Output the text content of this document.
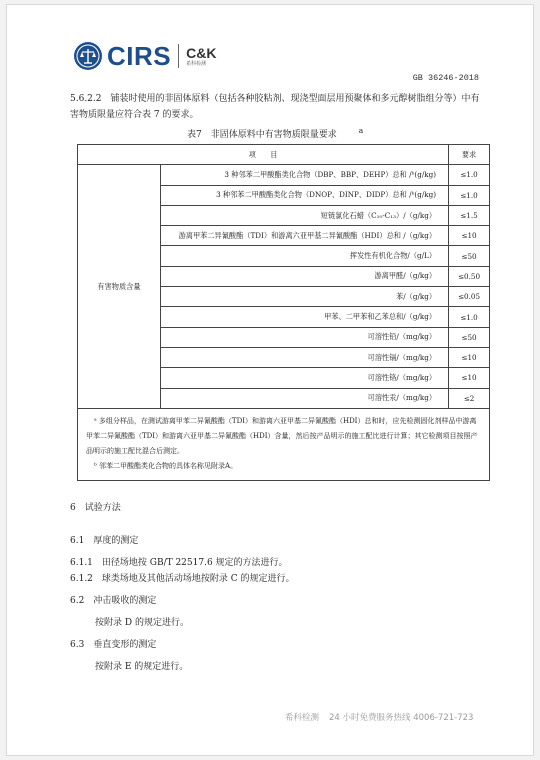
CIRS C&K
希科检测
GB 36246-2018

5.6.2.2　铺装时使用的非固体原料（包括各种胶粘剂、现浇型面层用预聚体和多元醇树脂组分等）中有害物质限量应符合表 7 的要求。

表7　非固体原料中有害物质限量要求	$^a$
项　　目		要求
有害物质含量	3 种邻苯二甲酸酯类化合物（DBP、BBP、DEHP）总和 /ᵇ(g/kg)	≤1.0
	3 种邻苯二甲酸酯类化合物（DNOP、DINP、DIDP）总和 /ᵇ(g/kg)	≤1.0
	短链氯化石蜡（C₁₀-C₁₃）/（g/kg）	≤1.5
	游离甲苯二异氰酸酯（TDI）和游离六亚甲基二异氰酸酯（HDI）总和 /（g/kg）	≤10
	挥发性有机化合物/（g/L）	≤50
	游离甲醛/（g/kg）	≤0.50
	苯/（g/kg）	≤0.05
	甲苯、二甲苯和乙苯总和/（g/kg）	≤1.0
	可溶性铅/（mg/kg）	≤50
	可溶性镉/（mg/kg）	≤10
	可溶性铬/（mg/kg）	≤10
	可溶性汞/（mg/kg）	≤2

ᵃ 多组分样品，在测试游离甲苯二异氰酸酯（TDI）和游离六亚甲基二异氰酸酯（HDI）总和时，应先检测固化剂样品中游离甲苯二异氰酸酯（TDI）和游离六亚甲基二异氰酸酯（HDI）含量，然后按产品明示的施工配比进行计算；其它检测项目按照产品明示的施工配比混合后测定。
ᵇ 邻苯二甲酸酯类化合物的具体名称见附录A。		
6　试验方法
6.1　厚度的测定
6.1.1　田径场地按 GB/T 22517.6 规定的方法进行。
6.1.2　球类场地及其他活动场地按附录 C 的规定进行。
6.2　冲击吸收的测定
按附录 D 的规定进行。
6.3　垂直变形的测定
按附录 E 的规定进行。
希科检测 24 小时免费服务热线 4006-721-723
